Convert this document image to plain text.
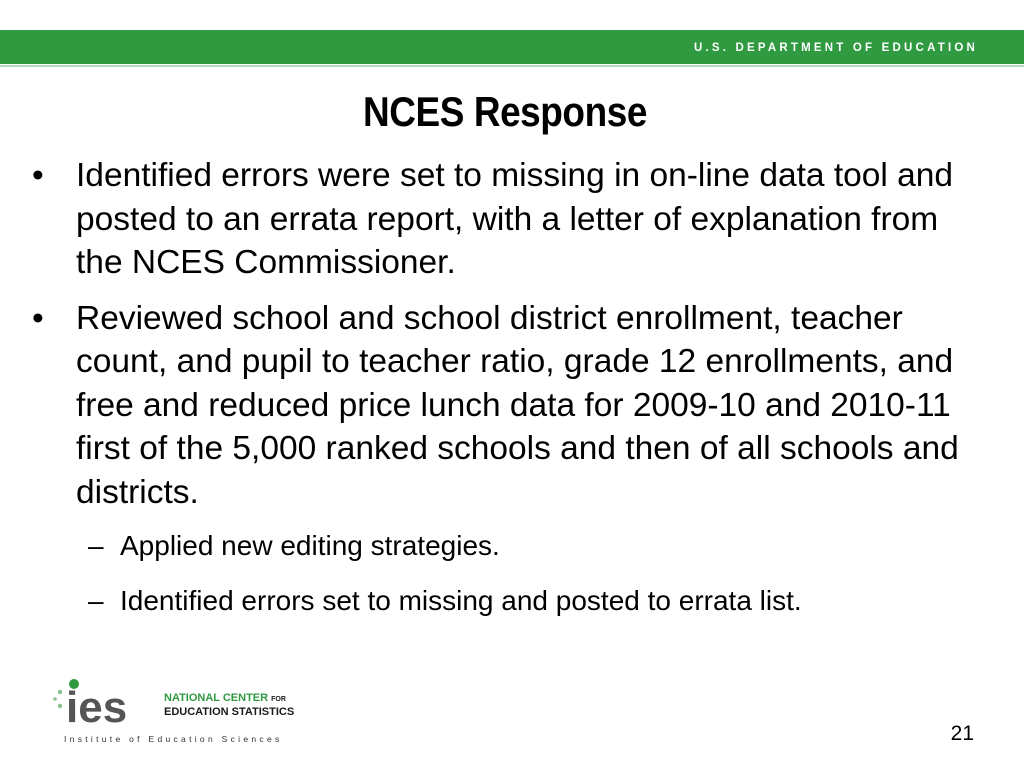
U.S. DEPARTMENT OF EDUCATION
NCES Response
• Identified errors were set to missing in on-line data tool and posted to an errata report, with a letter of explanation from the NCES Commissioner.
• Reviewed school and school district enrollment, teacher count, and pupil to teacher ratio, grade 12 enrollments, and free and reduced price lunch data for 2009-10 and 2010-11 first of the 5,000 ranked schools and then of all schools and districts.
– Applied new editing strategies.
– Identified errors set to missing and posted to errata list.
ies	NATIONAL CENTER FOR
EDUCATION STATISTICS
Institute of Education Sciences	21
